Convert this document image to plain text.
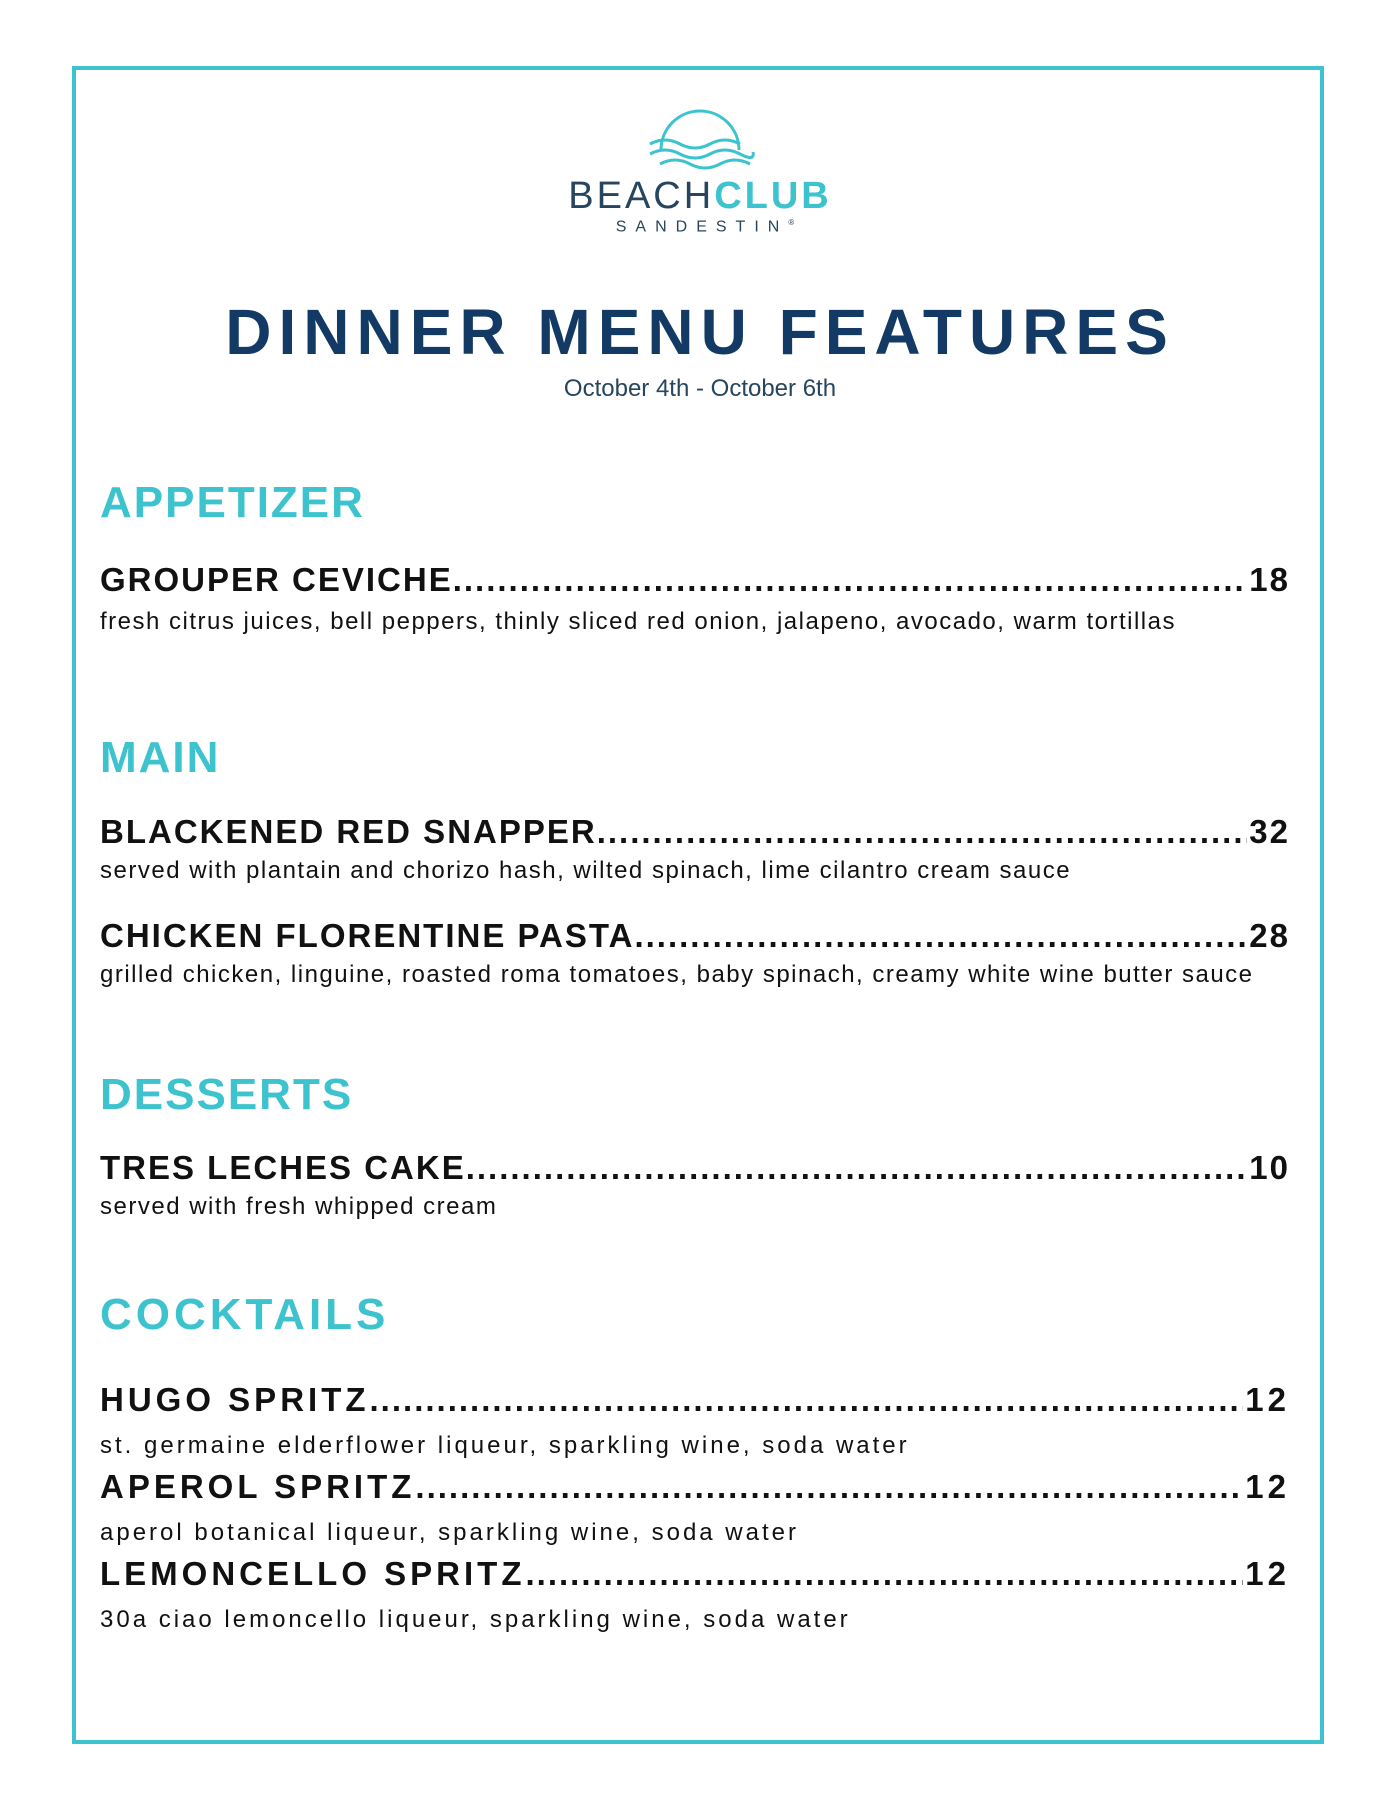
BEACHCLUB
SANDESTIN®
DINNER MENU FEATURES
October 4th - October 6th
APPETIZER
GROUPER CEVICHE .....	18
fresh citrus juices, bell peppers, thinly sliced red onion, jalapeno, avocado, warm tortillas
MAIN
BLACKENED RED SNAPPER .....	32
served with plantain and chorizo hash, wilted spinach, lime cilantro cream sauce
CHICKEN FLORENTINE PASTA .....	28
grilled chicken, linguine, roasted roma tomatoes, baby spinach, creamy white wine butter sauce
DESSERTS
TRES LECHES CAKE .....	10
served with fresh whipped cream
COCKTAILS
HUGO SPRITZ .....	12
st. germaine elderflower liqueur, sparkling wine, soda water
APEROL SPRITZ .....	12
aperol botanical liqueur, sparkling wine, soda water
LEMONCELLO SPRITZ .....	12
30a ciao lemoncello liqueur, sparkling wine, soda water
